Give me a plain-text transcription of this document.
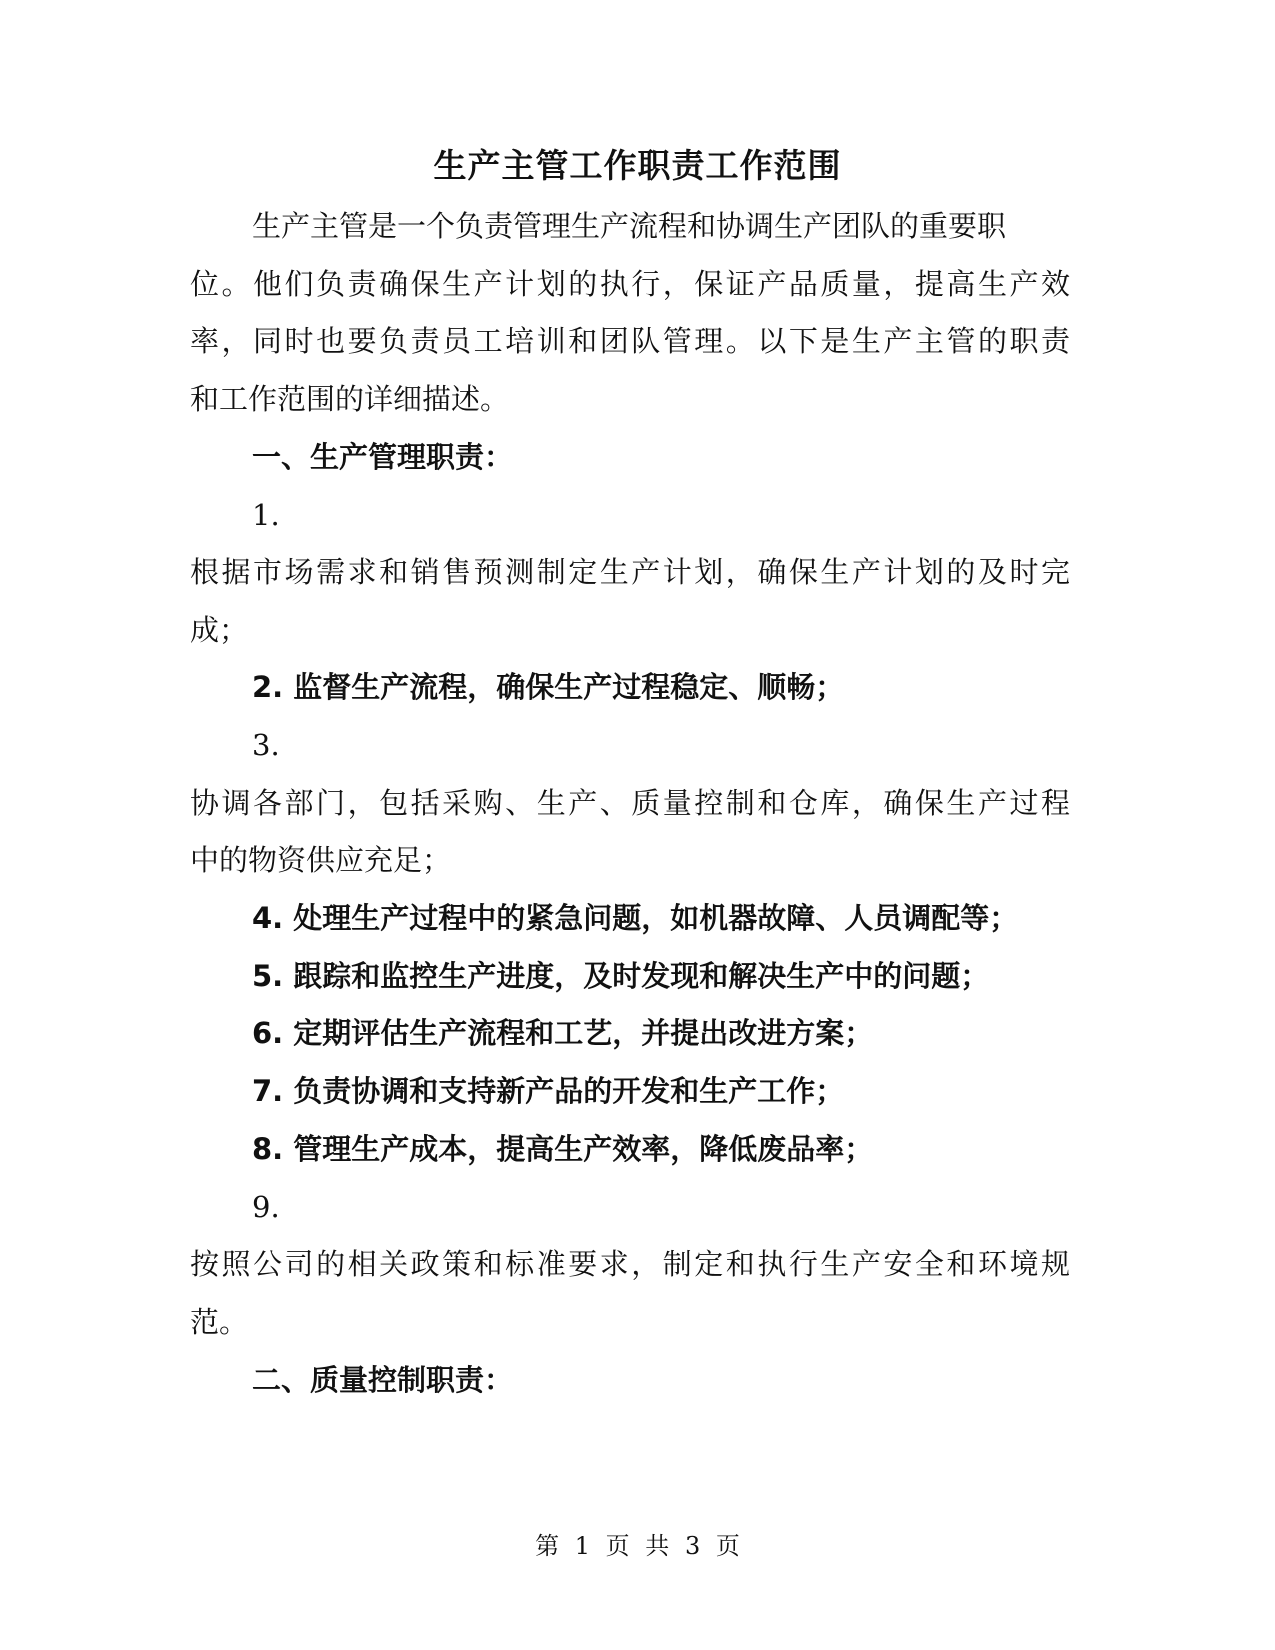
生产主管工作职责工作范围
生产主管是一个负责管理生产流程和协调生产团队的重要职
位。他们负责确保生产计划的执行，保证产品质量，提高生产效
率，同时也要负责员工培训和团队管理。以下是生产主管的职责
和工作范围的详细描述。
一、生产管理职责：
1.
根据市场需求和销售预测制定生产计划，确保生产计划的及时完
成；
2. 监督生产流程，确保生产过程稳定、顺畅；
3.
协调各部门，包括采购、生产、质量控制和仓库，确保生产过程
中的物资供应充足；
4. 处理生产过程中的紧急问题，如机器故障、人员调配等；
5. 跟踪和监控生产进度，及时发现和解决生产中的问题；
6. 定期评估生产流程和工艺，并提出改进方案；
7. 负责协调和支持新产品的开发和生产工作；
8. 管理生产成本，提高生产效率，降低废品率；
9.
按照公司的相关政策和标准要求，制定和执行生产安全和环境规
范。
二、质量控制职责：
第 1 页 共 3 页
